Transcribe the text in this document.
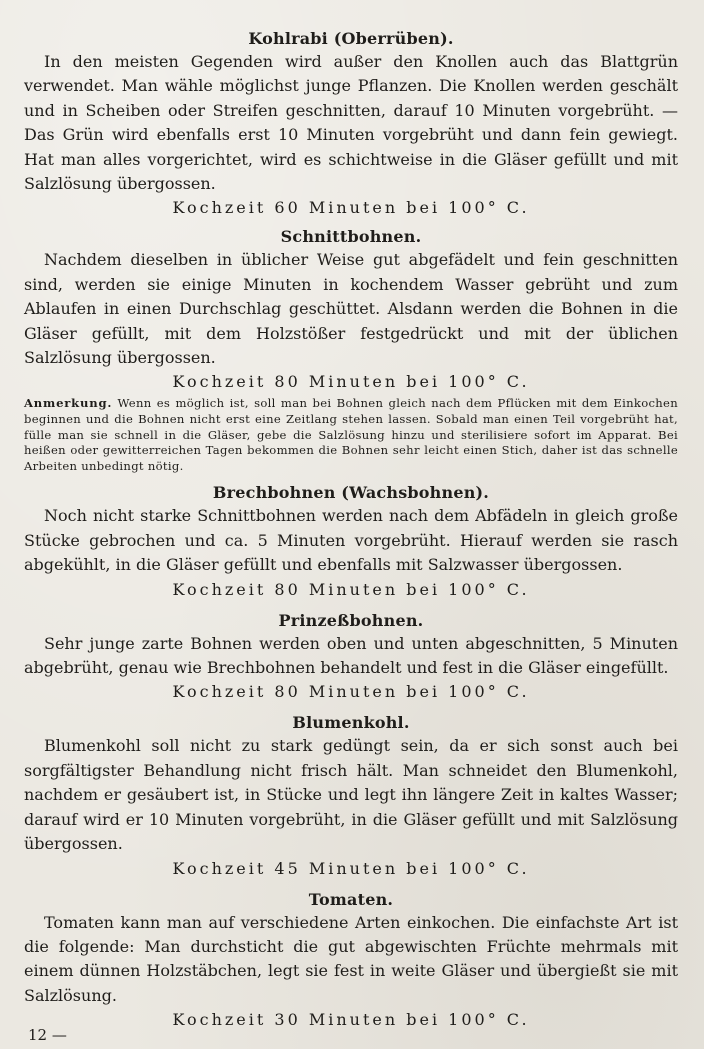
Kohlrabi (Oberrüben).

In den meisten Gegenden wird außer den Knollen auch das Blattgrün verwendet. Man wähle möglichst junge Pflanzen. Die Knollen werden geschält und in Scheiben oder Streifen geschnitten, darauf 10 Minuten vorgebrüht. — Das Grün wird ebenfalls erst 10 Minuten vorgebrüht und dann fein gewiegt. Hat man alles vorgerichtet, wird es schichtweise in die Gläser gefüllt und mit Salzlösung übergossen.

Kochzeit 60 Minuten bei 100° C.

Schnittbohnen.

Nachdem dieselben in üblicher Weise gut abgefädelt und fein geschnitten sind, werden sie einige Minuten in kochendem Wasser gebrüht und zum Ablaufen in einen Durchschlag geschüttet. Alsdann werden die Bohnen in die Gläser gefüllt, mit dem Holzstößer festgedrückt und mit der üblichen Salzlösung übergossen.

Kochzeit 80 Minuten bei 100° C.

Anmerkung. Wenn es möglich ist, soll man bei Bohnen gleich nach dem Pflücken mit dem Einkochen beginnen und die Bohnen nicht erst eine Zeitlang stehen lassen. Sobald man einen Teil vorgebrüht hat, fülle man sie schnell in die Gläser, gebe die Salzlösung hinzu und sterilisiere sofort im Apparat. Bei heißen oder gewitterreichen Tagen bekommen die Bohnen sehr leicht einen Stich, daher ist das schnelle Arbeiten unbedingt nötig.

Brechbohnen (Wachsbohnen).

Noch nicht starke Schnittbohnen werden nach dem Abfädeln in gleich große Stücke gebrochen und ca. 5 Minuten vorgebrüht. Hierauf werden sie rasch abgekühlt, in die Gläser gefüllt und ebenfalls mit Salzwasser übergossen.

Kochzeit 80 Minuten bei 100° C.

Prinzeßbohnen.

Sehr junge zarte Bohnen werden oben und unten abgeschnitten, 5 Minuten abgebrüht, genau wie Brechbohnen behandelt und fest in die Gläser eingefüllt.

Kochzeit 80 Minuten bei 100° C.

Blumenkohl.

Blumenkohl soll nicht zu stark gedüngt sein, da er sich sonst auch bei sorgfältigster Behandlung nicht frisch hält. Man schneidet den Blumenkohl, nachdem er gesäubert ist, in Stücke und legt ihn längere Zeit in kaltes Wasser; darauf wird er 10 Minuten vorgebrüht, in die Gläser gefüllt und mit Salzlösung übergossen.

Kochzeit 45 Minuten bei 100° C.

Tomaten.

Tomaten kann man auf verschiedene Arten einkochen. Die einfachste Art ist die folgende: Man durchsticht die gut abgewischten Früchte mehrmals mit einem dünnen Holzstäbchen, legt sie fest in weite Gläser und übergießt sie mit Salzlösung.

Kochzeit 30 Minuten bei 100° C.

12 —
